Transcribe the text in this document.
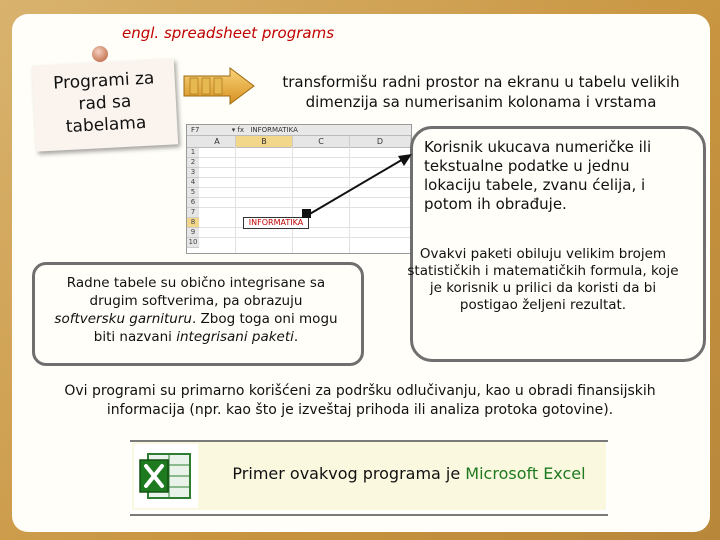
engl. spreadsheet programs
Programi za
rad sa
tabelama
transformišu radni prostor na ekranu u tabelu velikih
dimenzija sa numerisanim kolonama i vrstama
F7	▾ fx INFORMATIKA
A	B	C	D
1
2
3
4
5
6
7
8
9
10
INFORMATIKA
Korisnik ukucava numeričke ili
tekstualne podatke u jednu
lokaciju tabele, zvanu ćelija, i
potom ih obrađuje.
Ovakvi paketi obiluju velikim brojem
statističkih i matematičkih formula, koje
je korisnik u prilici da koristi da bi
postigao željeni rezultat.
Radne tabele su obično integrisane sa
drugim softverima, pa obrazuju
softversku garnituru. Zbog toga oni mogu
biti nazvani integrisani paketi.
Ovi programi su primarno korišćeni za podršku odlučivanju, kao u obradi finansijskih
informacija (npr. kao što je izveštaj prihoda ili analiza protoka gotovine).
Primer ovakvog programa je Microsoft Excel
